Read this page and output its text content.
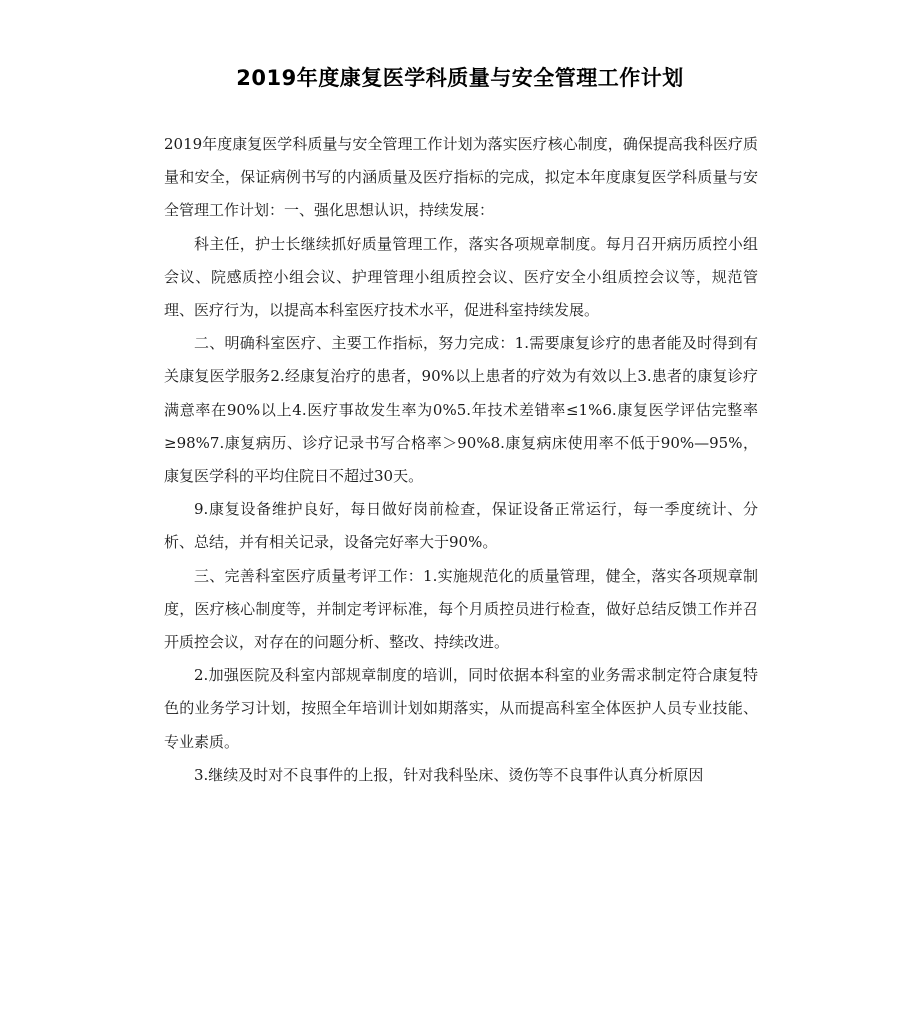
2019年度康复医学科质量与安全管理工作计划

2019年度康复医学科质量与安全管理工作计划为落实医疗核心制度，确保提高我科医疗质量和安全，保证病例书写的内涵质量及医疗指标的完成，拟定本年度康复医学科质量与安全管理工作计划：一、强化思想认识，持续发展：

科主任，护士长继续抓好质量管理工作，落实各项规章制度。每月召开病历质控小组会议、院感质控小组会议、护理管理小组质控会议、医疗安全小组质控会议等，规范管理、医疗行为，以提高本科室医疗技术水平，促进科室持续发展。

二、明确科室医疗、主要工作指标，努力完成：1.需要康复诊疗的患者能及时得到有关康复医学服务2.经康复治疗的患者，90%以上患者的疗效为有效以上3.患者的康复诊疗满意率在90%以上4.医疗事故发生率为0%5.年技术差错率≤1%6.康复医学评估完整率≥98%7.康复病历、诊疗记录书写合格率＞90%8.康复病床使用率不低于90%—95%，康复医学科的平均住院日不超过30天。

9.康复设备维护良好，每日做好岗前检查，保证设备正常运行，每一季度统计、分析、总结，并有相关记录，设备完好率大于90%。

三、完善科室医疗质量考评工作：1.实施规范化的质量管理，健全，落实各项规章制度，医疗核心制度等，并制定考评标准，每个月质控员进行检查，做好总结反馈工作并召开质控会议，对存在的问题分析、整改、持续改进。

2.加强医院及科室内部规章制度的培训，同时依据本科室的业务需求制定符合康复特色的业务学习计划，按照全年培训计划如期落实，从而提高科室全体医护人员专业技能、专业素质。

3.继续及时对不良事件的上报，针对我科坠床、烫伤等不良事件认真分析原因
